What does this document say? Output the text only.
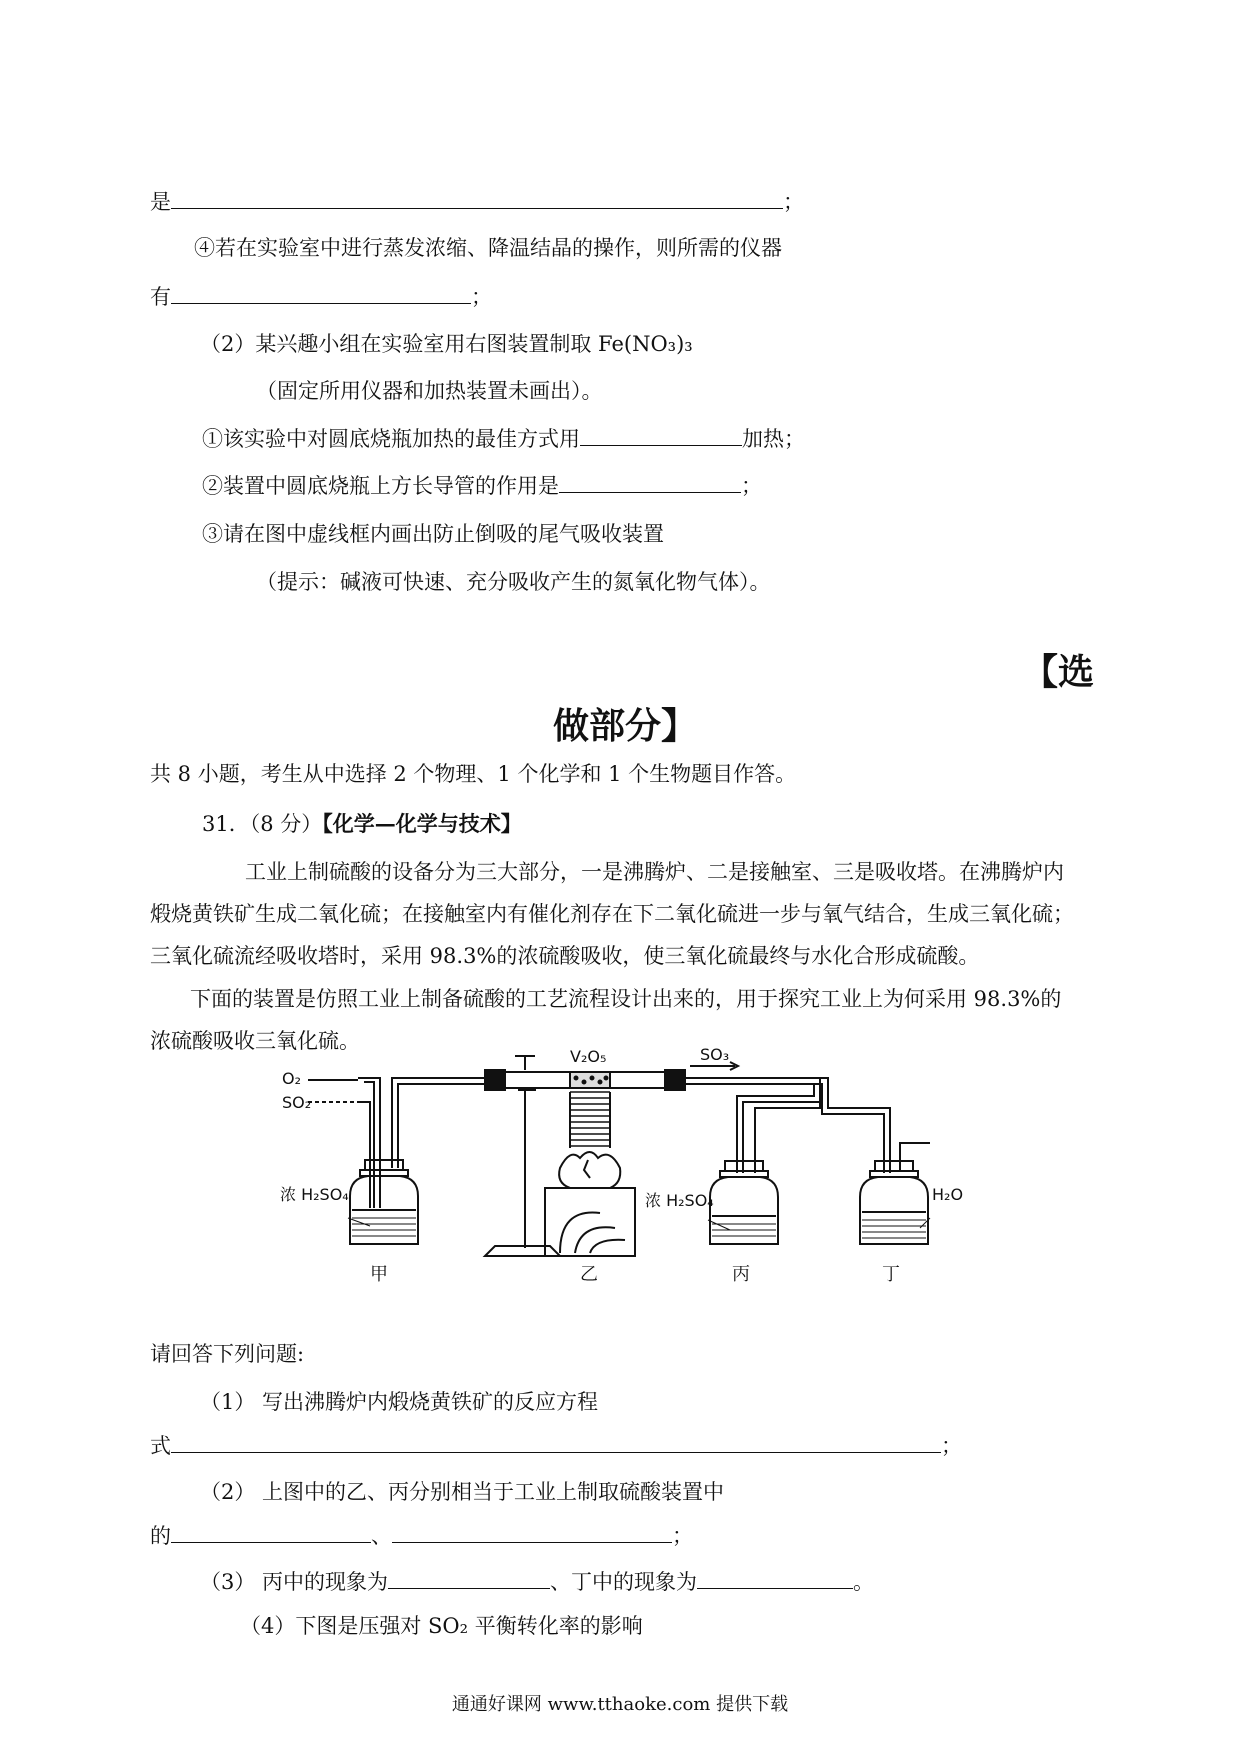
是	；
④若在实验室中进行蒸发浓缩、降温结晶的操作，则所需的仪器
有	；
（2）某兴趣小组在实验室用右图装置制取 Fe(NO₃)₃
（固定所用仪器和加热装置未画出）。
①该实验中对圆底烧瓶加热的最佳方式用	加热；
②装置中圆底烧瓶上方长导管的作用是	；
③请在图中虚线框内画出防止倒吸的尾气吸收装置
（提示：碱液可快速、充分吸收产生的氮氧化物气体）。
【选
做部分】
共 8 小题，考生从中选择 2 个物理、1 个化学和 1 个生物题目作答。
31．（8 分）【化学—化学与技术】
工业上制硫酸的设备分为三大部分，一是沸腾炉、二是接触室、三是吸收塔。在沸腾炉内
煅烧黄铁矿生成二氧化硫；在接触室内有催化剂存在下二氧化硫进一步与氧气结合，生成三氧化硫；
三氧化硫流经吸收塔时，采用 98.3%的浓硫酸吸收，使三氧化硫最终与水化合形成硫酸。
下面的装置是仿照工业上制备硫酸的工艺流程设计出来的，用于探究工业上为何采用 98.3%的
浓硫酸吸收三氧化硫。
O₂
SO₂
V₂O₅	SO₃
浓 H₂SO₄	浓 H₂SO₄	H₂O
甲	乙	丙	丁
请回答下列问题:
（1） 写出沸腾炉内煅烧黄铁矿的反应方程
式	；
（2） 上图中的乙、丙分别相当于工业上制取硫酸装置中
的	、	；
（3） 丙中的现象为	、丁中的现象为	。
（4）下图是压强对 SO₂ 平衡转化率的影响
通通好课网 www.tthaoke.com 提供下载
